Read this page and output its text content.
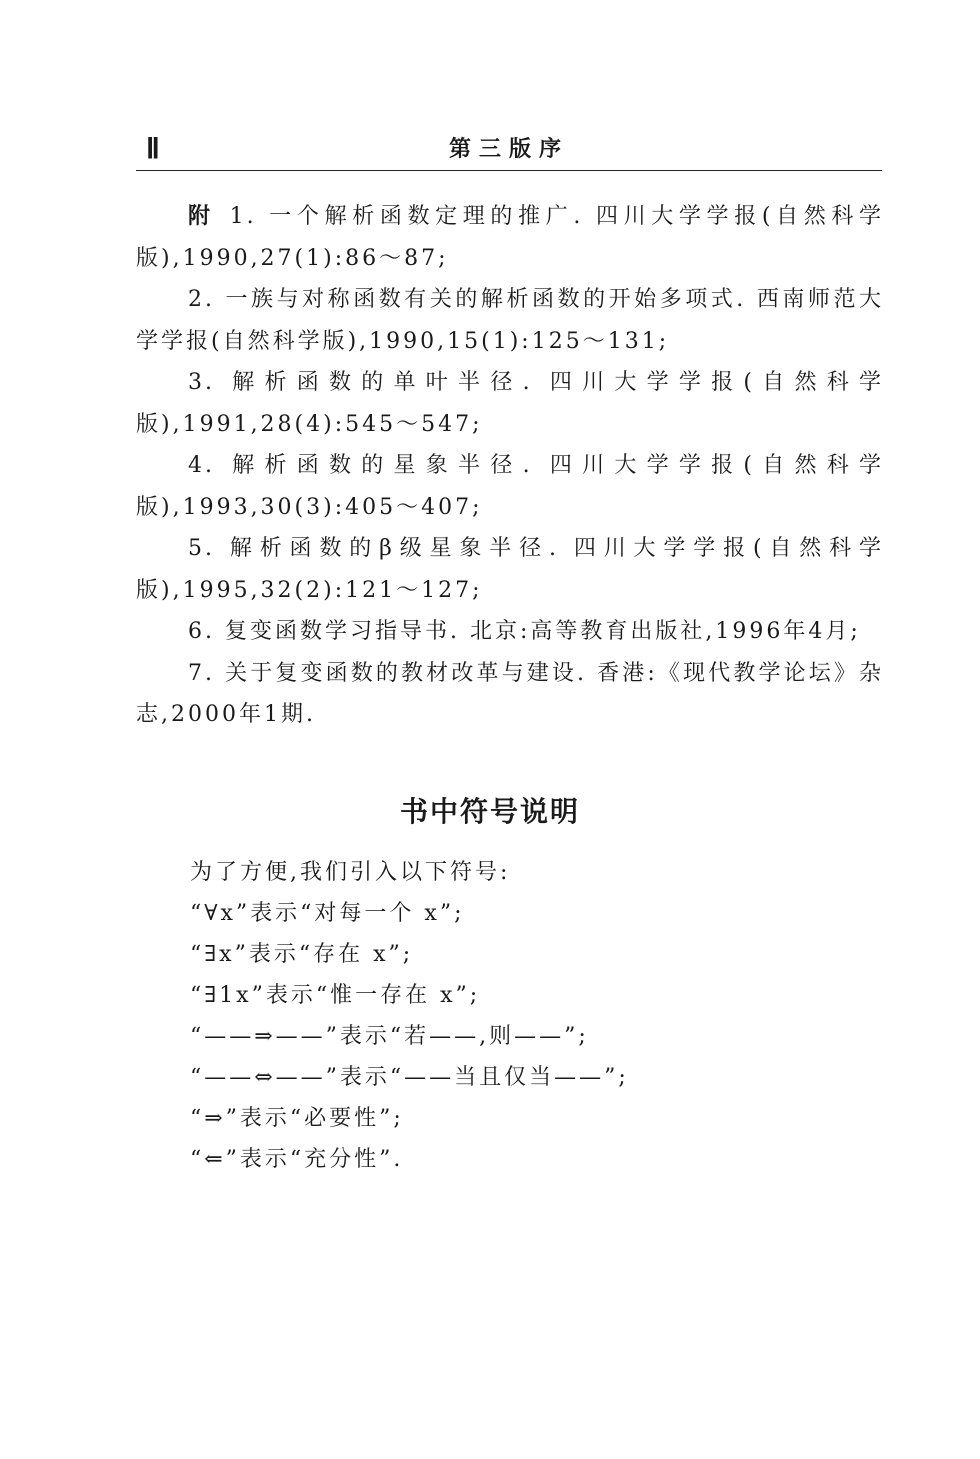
Ⅱ	第三版序

附 1. 一个解析函数定理的推广. 四川大学学报(自然科学版),1990,27(1):86～87;

2. 一族与对称函数有关的解析函数的开始多项式. 西南师范大学学报(自然科学版),1990,15(1):125～131;

3. 解析函数的单叶半径. 四川大学学报(自然科学版),1991,28(4):545～547;

4. 解析函数的星象半径. 四川大学学报(自然科学版),1993,30(3):405～407;

5. 解析函数的β级星象半径. 四川大学学报(自然科学版),1995,32(2):121～127;

6. 复变函数学习指导书. 北京:高等教育出版社,1996年4月;

7. 关于复变函数的教材改革与建设. 香港:《现代教学论坛》杂志,2000年1期.

书中符号说明
为了方便,我们引入以下符号:
“∀x”表示“对每一个 x”;
“∃x”表示“存在 x”;
“∃1x”表示“惟一存在 x”;
“——⇒——”表示“若——,则——”;
“——⇔——”表示“——当且仅当——”;
“⇒”表示“必要性”;
“⇐”表示“充分性”.
